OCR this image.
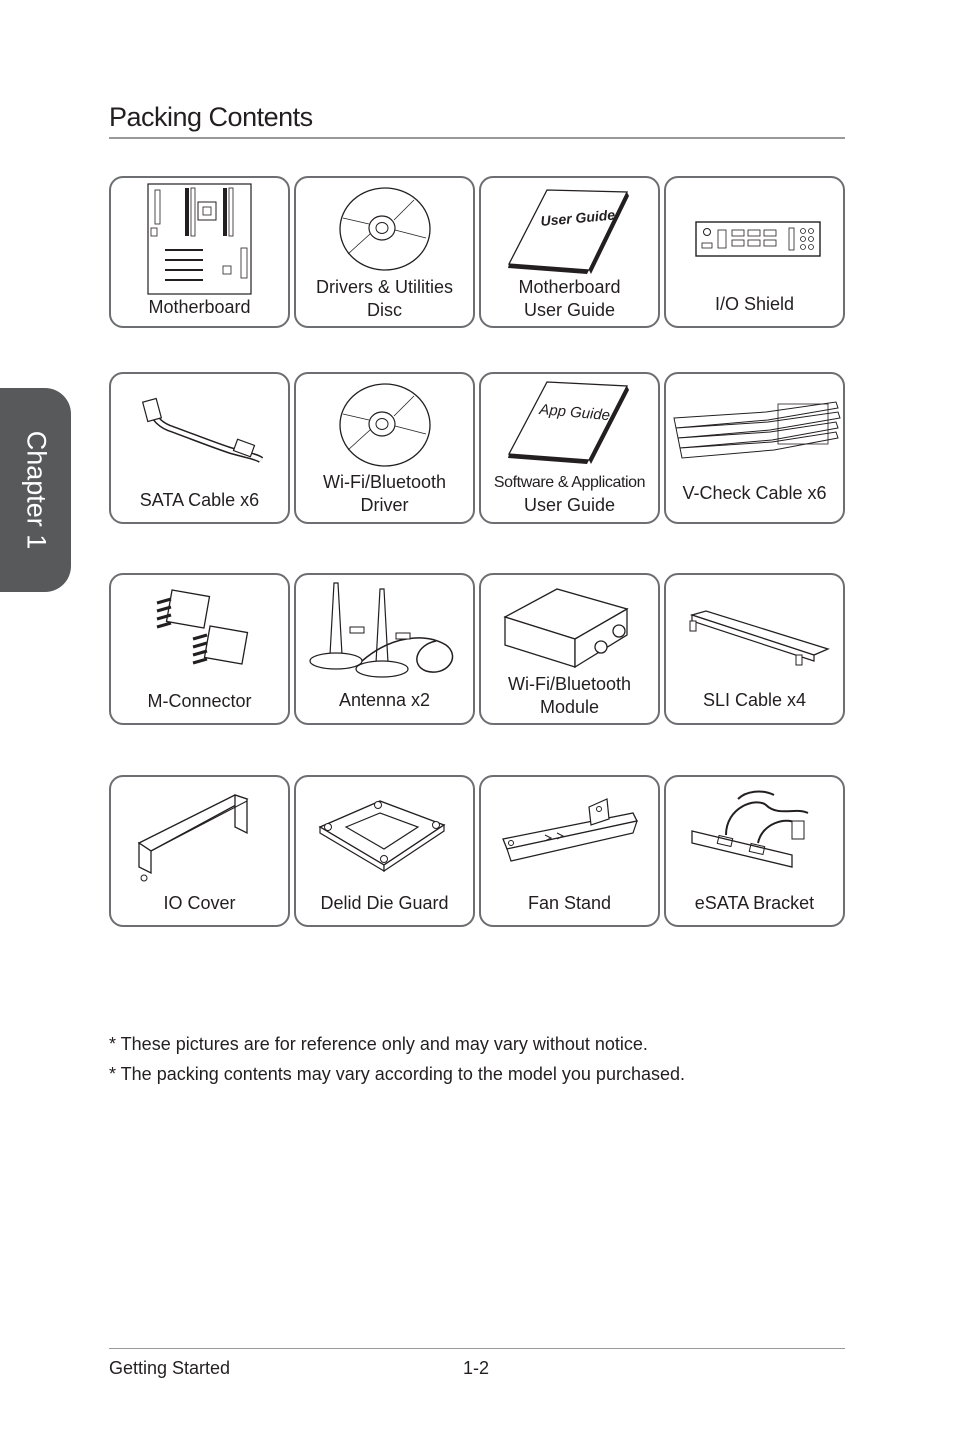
Chapter 1
Packing Contents
Motherboard
Drivers & Utilities
Disc
User Guide
Motherboard
User Guide	I/O Shield
SATA Cable x6
Wi-Fi/Bluetooth
Driver
App Guide
Software & Application
User Guide
V-Check Cable x6
M-Connector	Antenna x2
Wi-Fi/Bluetooth
Module	SLI Cable x4
IO Cover	Delid Die Guard	Fan Stand	eSATA Bracket
* These pictures are for reference only and may vary without notice.
* The packing contents may vary according to the model you purchased.
Getting Started	1-2
